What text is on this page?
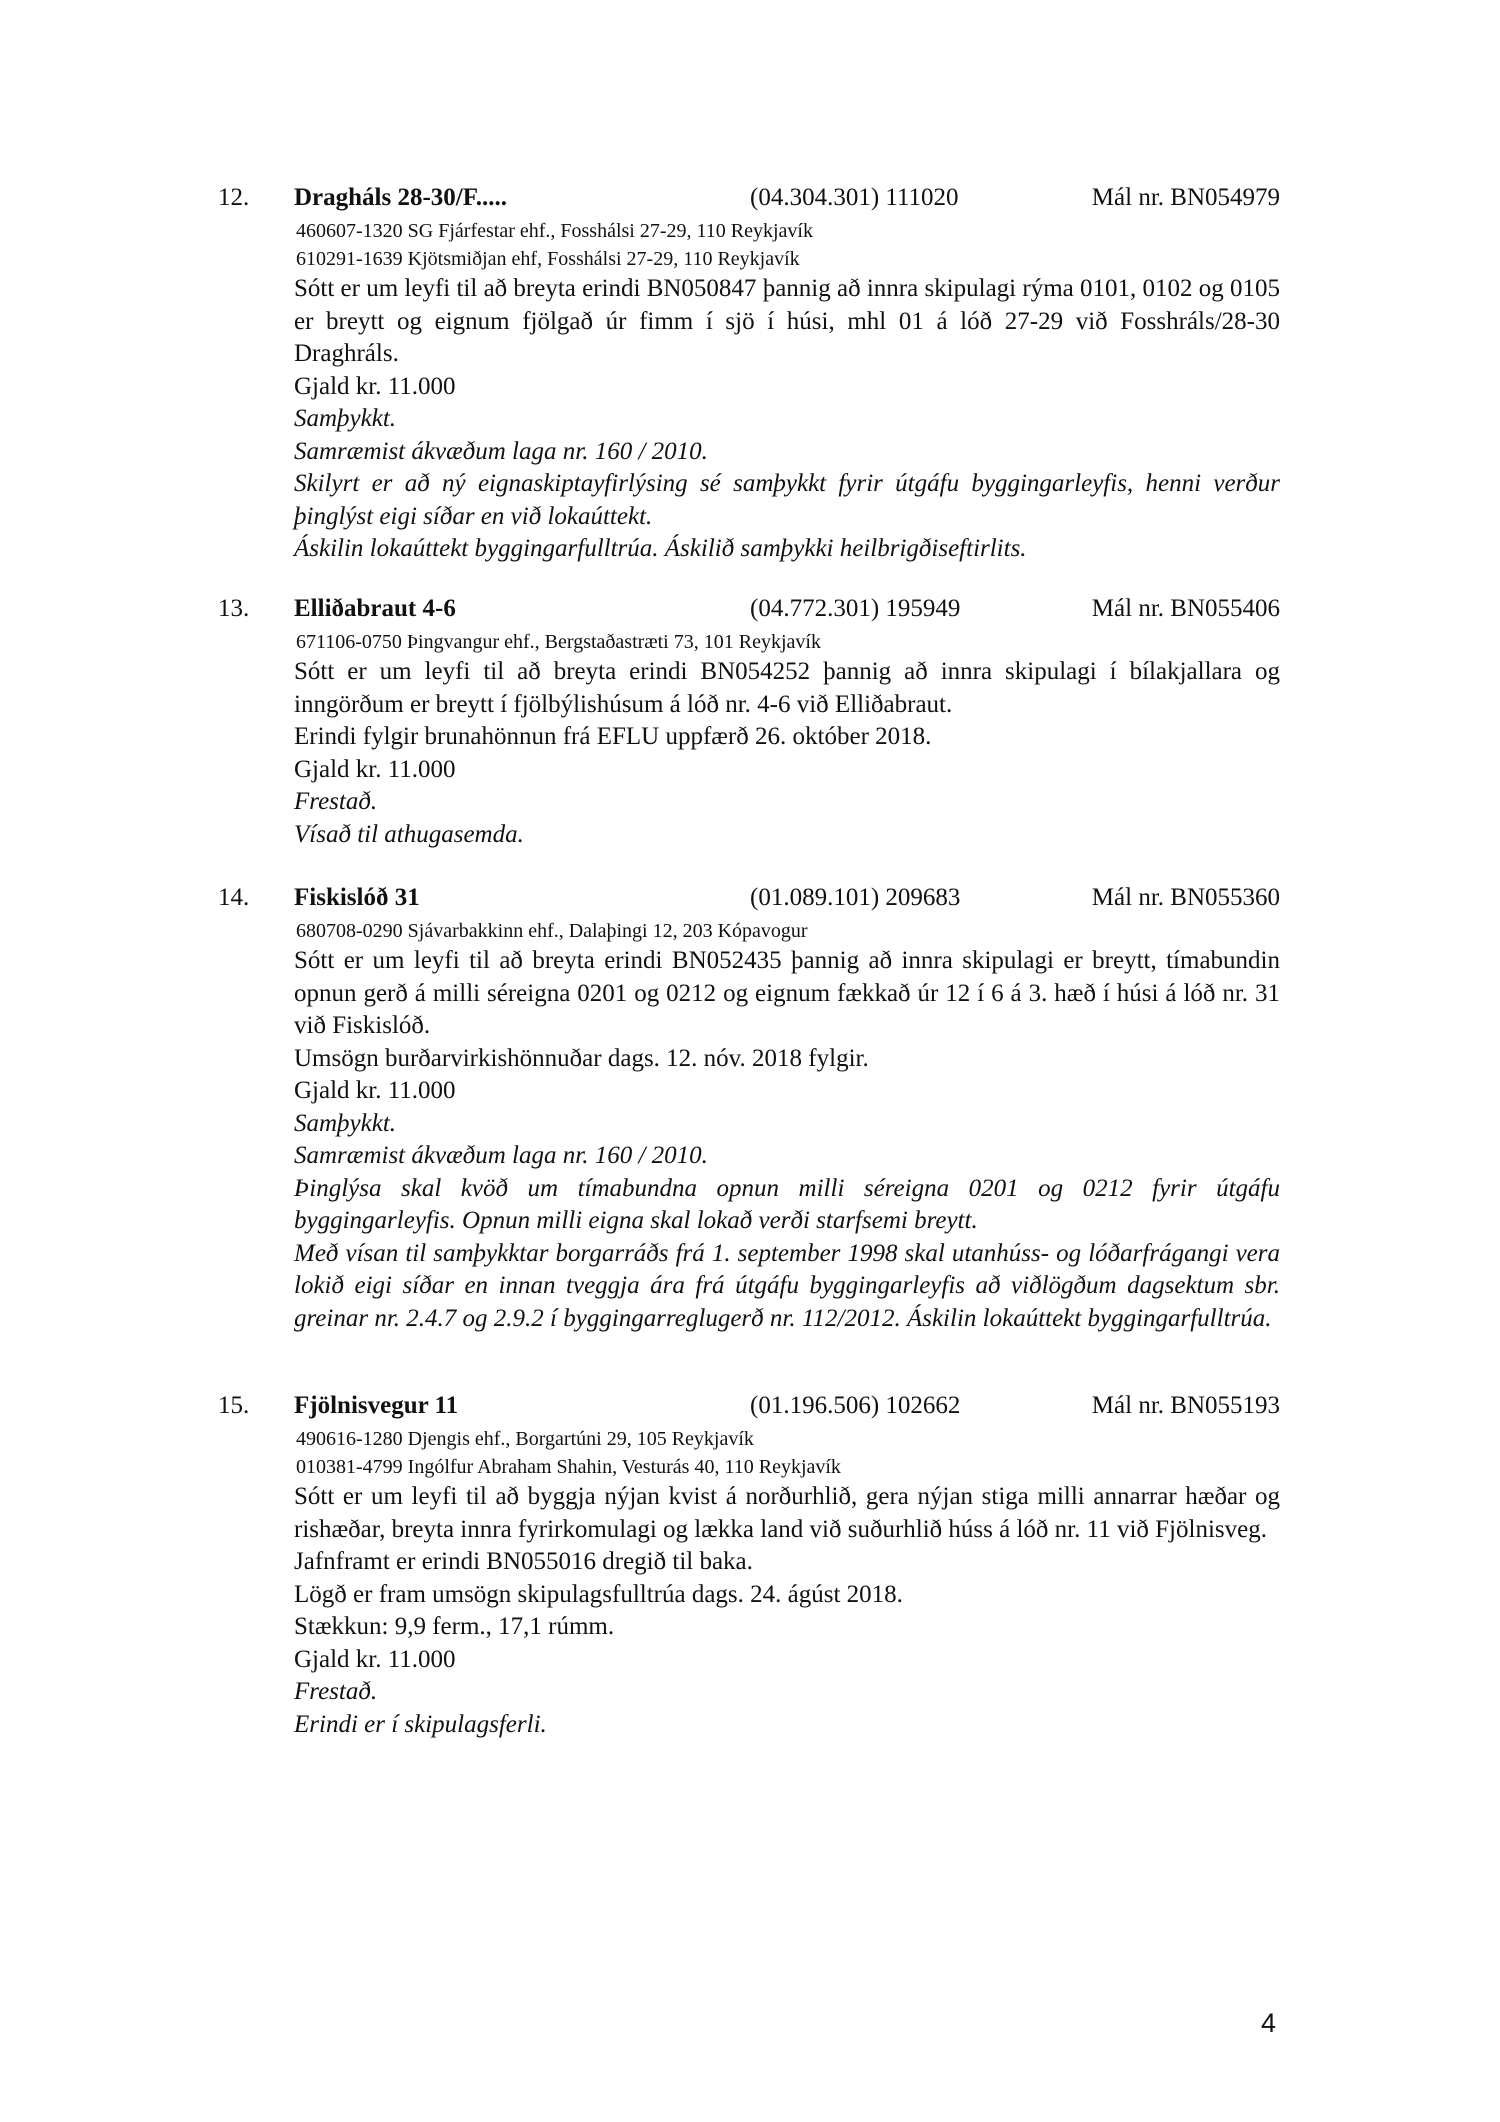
12. Dragháls 28-30/F.....	(04.304.301) 111020	Mál nr. BN054979
460607-1320 SG Fjárfestar ehf., Fosshálsi 27-29, 110 Reykjavík
610291-1639 Kjötsmiðjan ehf, Fosshálsi 27-29, 110 Reykjavík
Sótt er um leyfi til að breyta erindi BN050847 þannig að innra skipulagi rýma 0101, 0102 og 0105 er breytt og eignum fjölgað úr fimm í sjö í húsi, mhl 01 á lóð 27-29 við Fosshráls/28-30 Draghráls.
Gjald kr. 11.000
Samþykkt.
Samræmist ákvæðum laga nr. 160 / 2010.
Skilyrt er að ný eignaskiptayfirlýsing sé samþykkt fyrir útgáfu byggingarleyfis, henni verður þinglýst eigi síðar en við lokaúttekt.
Áskilin lokaúttekt byggingarfulltrúa. Áskilið samþykki heilbrigðiseftirlits.
13. Elliðabraut 4-6	(04.772.301) 195949	Mál nr. BN055406
671106-0750 Þingvangur ehf., Bergstaðastræti 73, 101 Reykjavík
Sótt er um leyfi til að breyta erindi BN054252 þannig að innra skipulagi í bílakjallara og inngörðum er breytt í fjölbýlishúsum á lóð nr. 4-6 við Elliðabraut.
Erindi fylgir brunahönnun frá EFLU uppfærð 26. október 2018.
Gjald kr. 11.000
Frestað.
Vísað til athugasemda.
14. Fiskislóð 31	(01.089.101) 209683	Mál nr. BN055360
680708-0290 Sjávarbakkinn ehf., Dalaþingi 12, 203 Kópavogur
Sótt er um leyfi til að breyta erindi BN052435 þannig að innra skipulagi er breytt, tímabundin opnun gerð á milli séreigna 0201 og 0212 og eignum fækkað úr 12 í 6 á 3. hæð í húsi á lóð nr. 31 við Fiskislóð.
Umsögn burðarvirkishönnuðar dags. 12. nóv. 2018 fylgir.
Gjald kr. 11.000
Samþykkt.
Samræmist ákvæðum laga nr. 160 / 2010.
Þinglýsa skal kvöð um tímabundna opnun milli séreigna 0201 og 0212 fyrir útgáfu byggingarleyfis. Opnun milli eigna skal lokað verði starfsemi breytt.
Með vísan til samþykktar borgarráðs frá 1. september 1998 skal utanhúss- og lóðarfrágangi vera lokið eigi síðar en innan tveggja ára frá útgáfu byggingarleyfis að viðlögðum dagsektum sbr. greinar nr. 2.4.7 og 2.9.2 í byggingarreglugerð nr. 112/2012. Áskilin lokaúttekt byggingarfulltrúa.
15. Fjölnisvegur 11	(01.196.506) 102662	Mál nr. BN055193
490616-1280 Djengis ehf., Borgartúni 29, 105 Reykjavík
010381-4799 Ingólfur Abraham Shahin, Vesturás 40, 110 Reykjavík
Sótt er um leyfi til að byggja nýjan kvist á norðurhlið, gera nýjan stiga milli annarrar hæðar og rishæðar, breyta innra fyrirkomulagi og lækka land við suðurhlið húss á lóð nr. 11 við Fjölnisveg.
Jafnframt er erindi BN055016 dregið til baka.
Lögð er fram umsögn skipulagsfulltrúa dags. 24. ágúst 2018.
Stækkun: 9,9 ferm., 17,1 rúmm.
Gjald kr. 11.000
Frestað.
Erindi er í skipulagsferli.
4
